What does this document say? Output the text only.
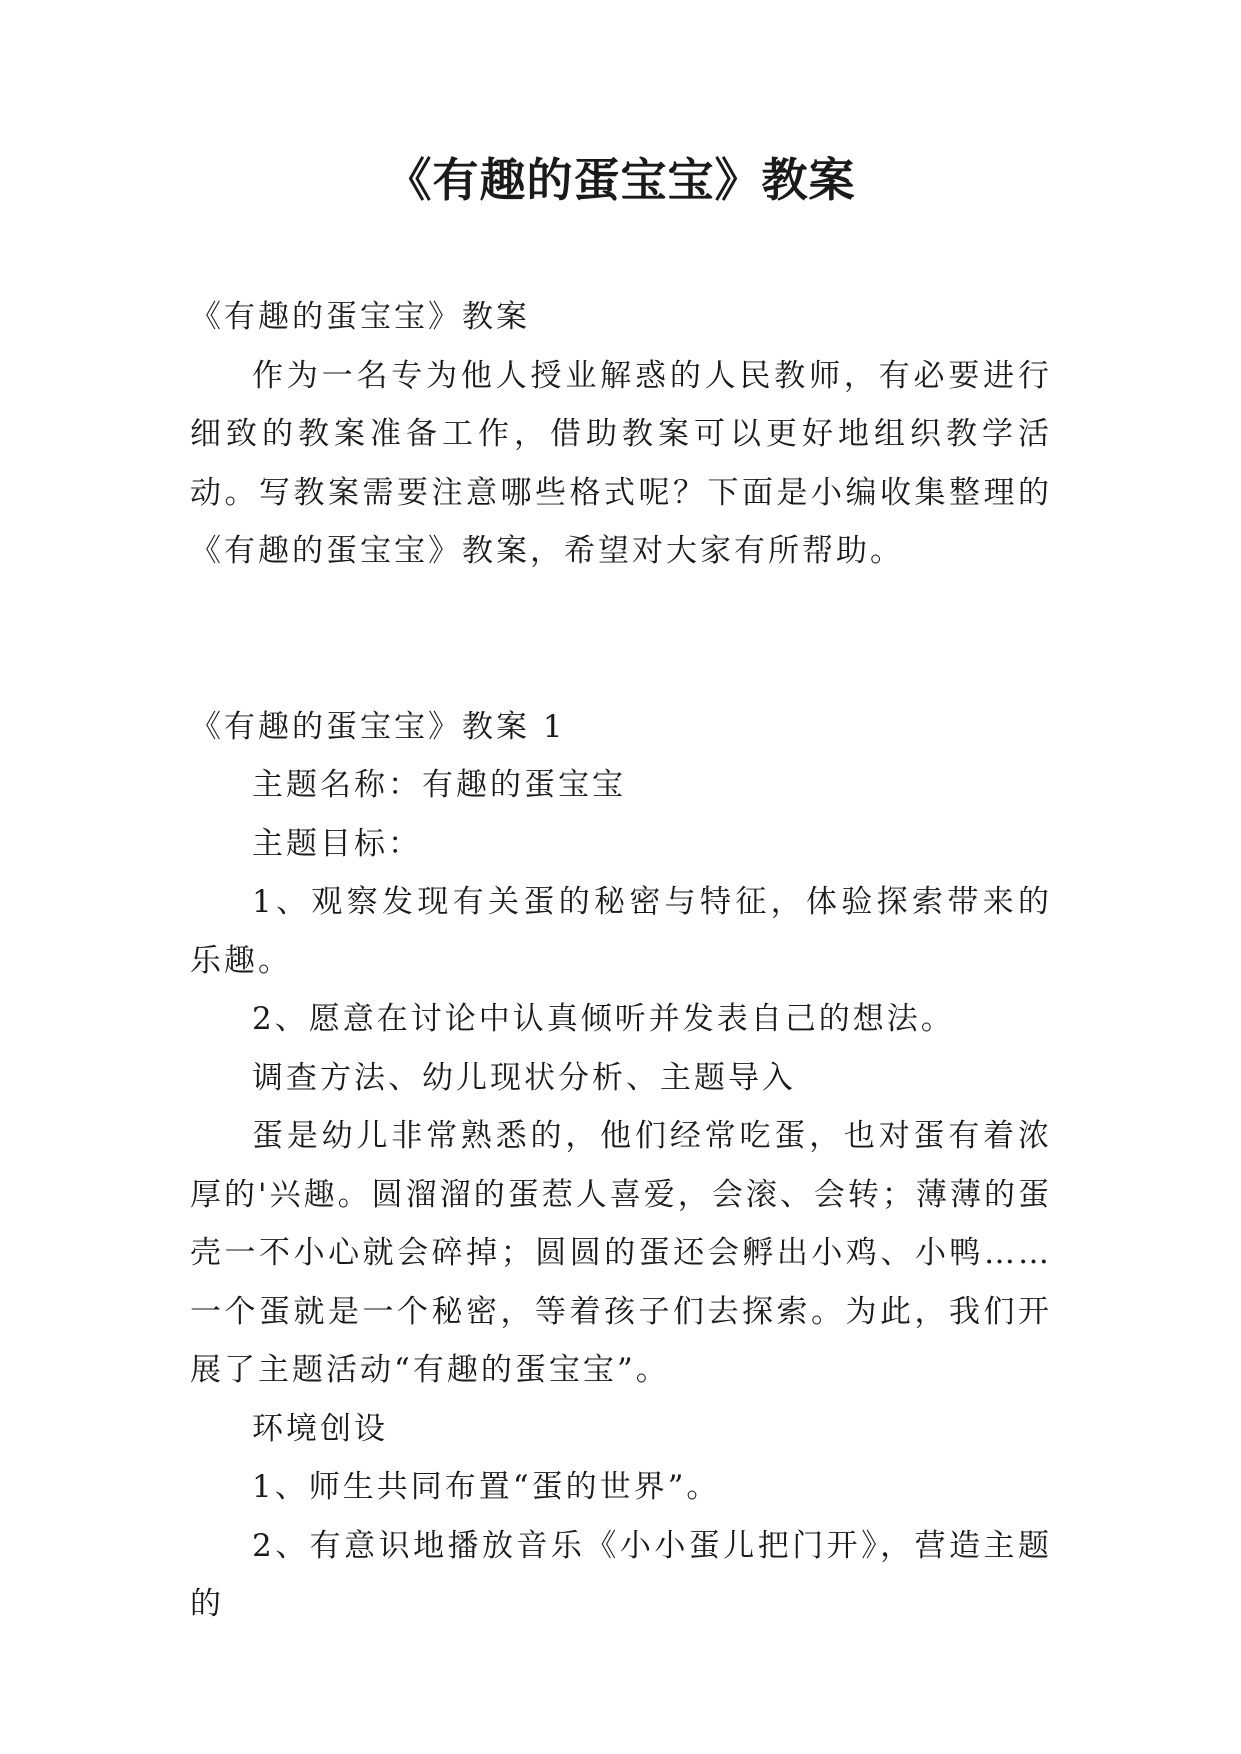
《有趣的蛋宝宝》教案

《有趣的蛋宝宝》教案

作为一名专为他人授业解惑的人民教师，有必要进行细致的教案准备工作，借助教案可以更好地组织教学活动。写教案需要注意哪些格式呢？下面是小编收集整理的《有趣的蛋宝宝》教案，希望对大家有所帮助。

《有趣的蛋宝宝》教案 1

主题名称：有趣的蛋宝宝

主题目标：

1、观察发现有关蛋的秘密与特征，体验探索带来的乐趣。

2、愿意在讨论中认真倾听并发表自己的想法。

调查方法、幼儿现状分析、主题导入

蛋是幼儿非常熟悉的，他们经常吃蛋，也对蛋有着浓厚的'兴趣。圆溜溜的蛋惹人喜爱，会滚、会转；薄薄的蛋壳一不小心就会碎掉；圆圆的蛋还会孵出小鸡、小鸭……一个蛋就是一个秘密，等着孩子们去探索。为此，我们开展了主题活动“有趣的蛋宝宝”。

环境创设

1、师生共同布置“蛋的世界”。

2、有意识地播放音乐《小小蛋儿把门开》，营造主题的
